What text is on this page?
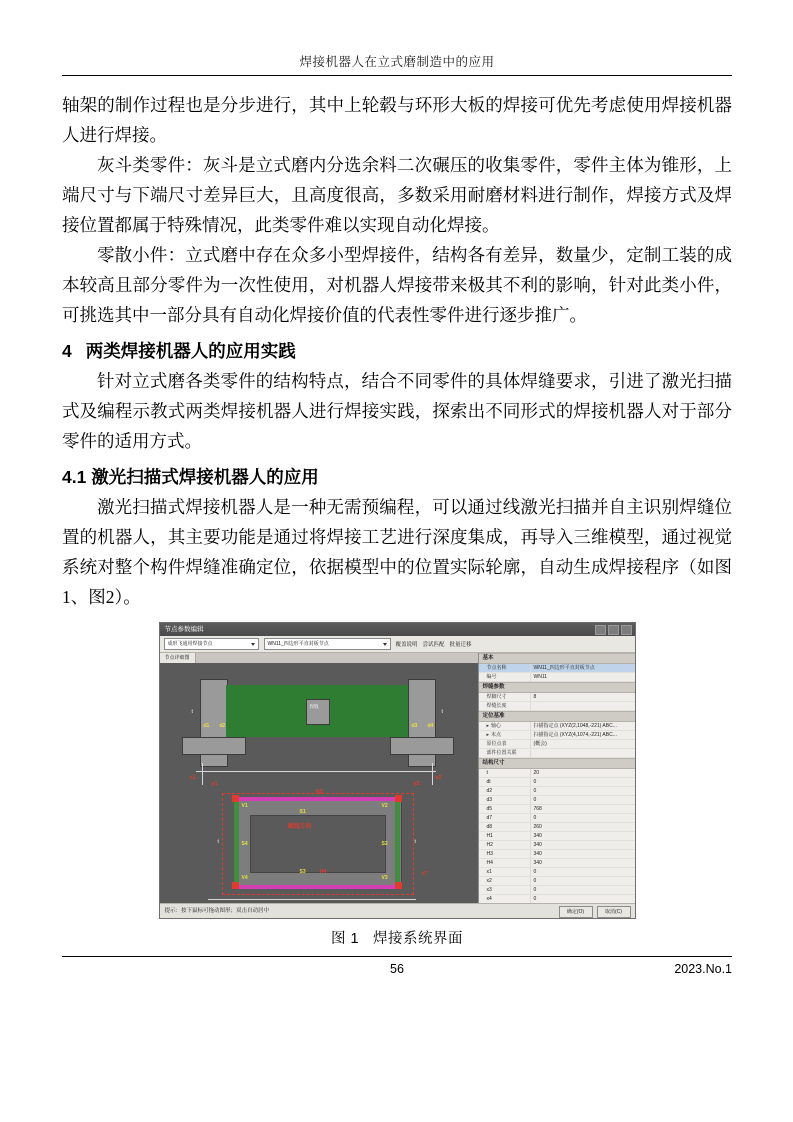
焊接机器人在立式磨制造中的应用

轴架的制作过程也是分步进行，其中上轮毂与环形大板的焊接可优先考虑使用焊接机器人进行焊接。

灰斗类零件：灰斗是立式磨内分选余料二次碾压的收集零件，零件主体为锥形，上端尺寸与下端尺寸差异巨大，且高度很高，多数采用耐磨材料进行制作，焊接方式及焊接位置都属于特殊情况，此类零件难以实现自动化焊接。

零散小件：立式磨中存在众多小型焊接件，结构各有差异，数量少，定制工装的成本较高且部分零件为一次性使用，对机器人焊接带来极其不利的影响，针对此类小件，可挑选其中一部分具有自动化焊接价值的代表性零件进行逐步推广。

4 两类焊接机器人的应用实践

针对立式磨各类零件的结构特点，结合不同零件的具体焊缝要求，引进了激光扫描式及编程示教式两类焊接机器人进行焊接实践，探索出不同形式的焊接机器人对于部分零件的适用方式。

4.1 激光扫描式焊接机器人的应用

激光扫描式焊接机器人是一种无需预编程，可以通过线激光扫描并自主识别焊缝位置的机器人，其主要功能是通过将焊接工艺进行深度集成，再导入三维模型，通过视觉系统对整个构件焊缝准确定位，依据模型中的位置实际轮廓，自动生成焊接程序（如图1、图2）。

节点参数编辑
成形飞通用焊接节点	WN11_四边形平直封板节点	覆盖说明 尝试匹配 批量迁移
节点详细图
焊缝
d1 d2	d3 d4
t	t
x1
y1	y2
x2
V1	V2
V4	V3
S1
S2
S3
S4
画线方向
H3
H4	c7
t	t
基本
节点名称	WN11_四边形平直封板节点
编号	WN11
焊缝参数
焊脚尺寸	8
焊缝长度
定位基准
▸ 轴心	扫描指定点 (XYZ(2,1048,-221) ABC...
▸ 末点	扫描指定点 (XYZ(4,1074,-221) ABC...
原位点表	(概会)
部件位置关联
结构尺寸
t	20
dt	0
d2	0
d3	0
d5	768
d7	0
d8	260
H1	340
H2	340
H3	340
H4	340
x1	0
x2	0
x3	0
x4	0
提示：按下鼠标可拖动图形；双击自动居中	确定(O)	取消(C)
图 1 焊接系统界面
56	2023.No.1
